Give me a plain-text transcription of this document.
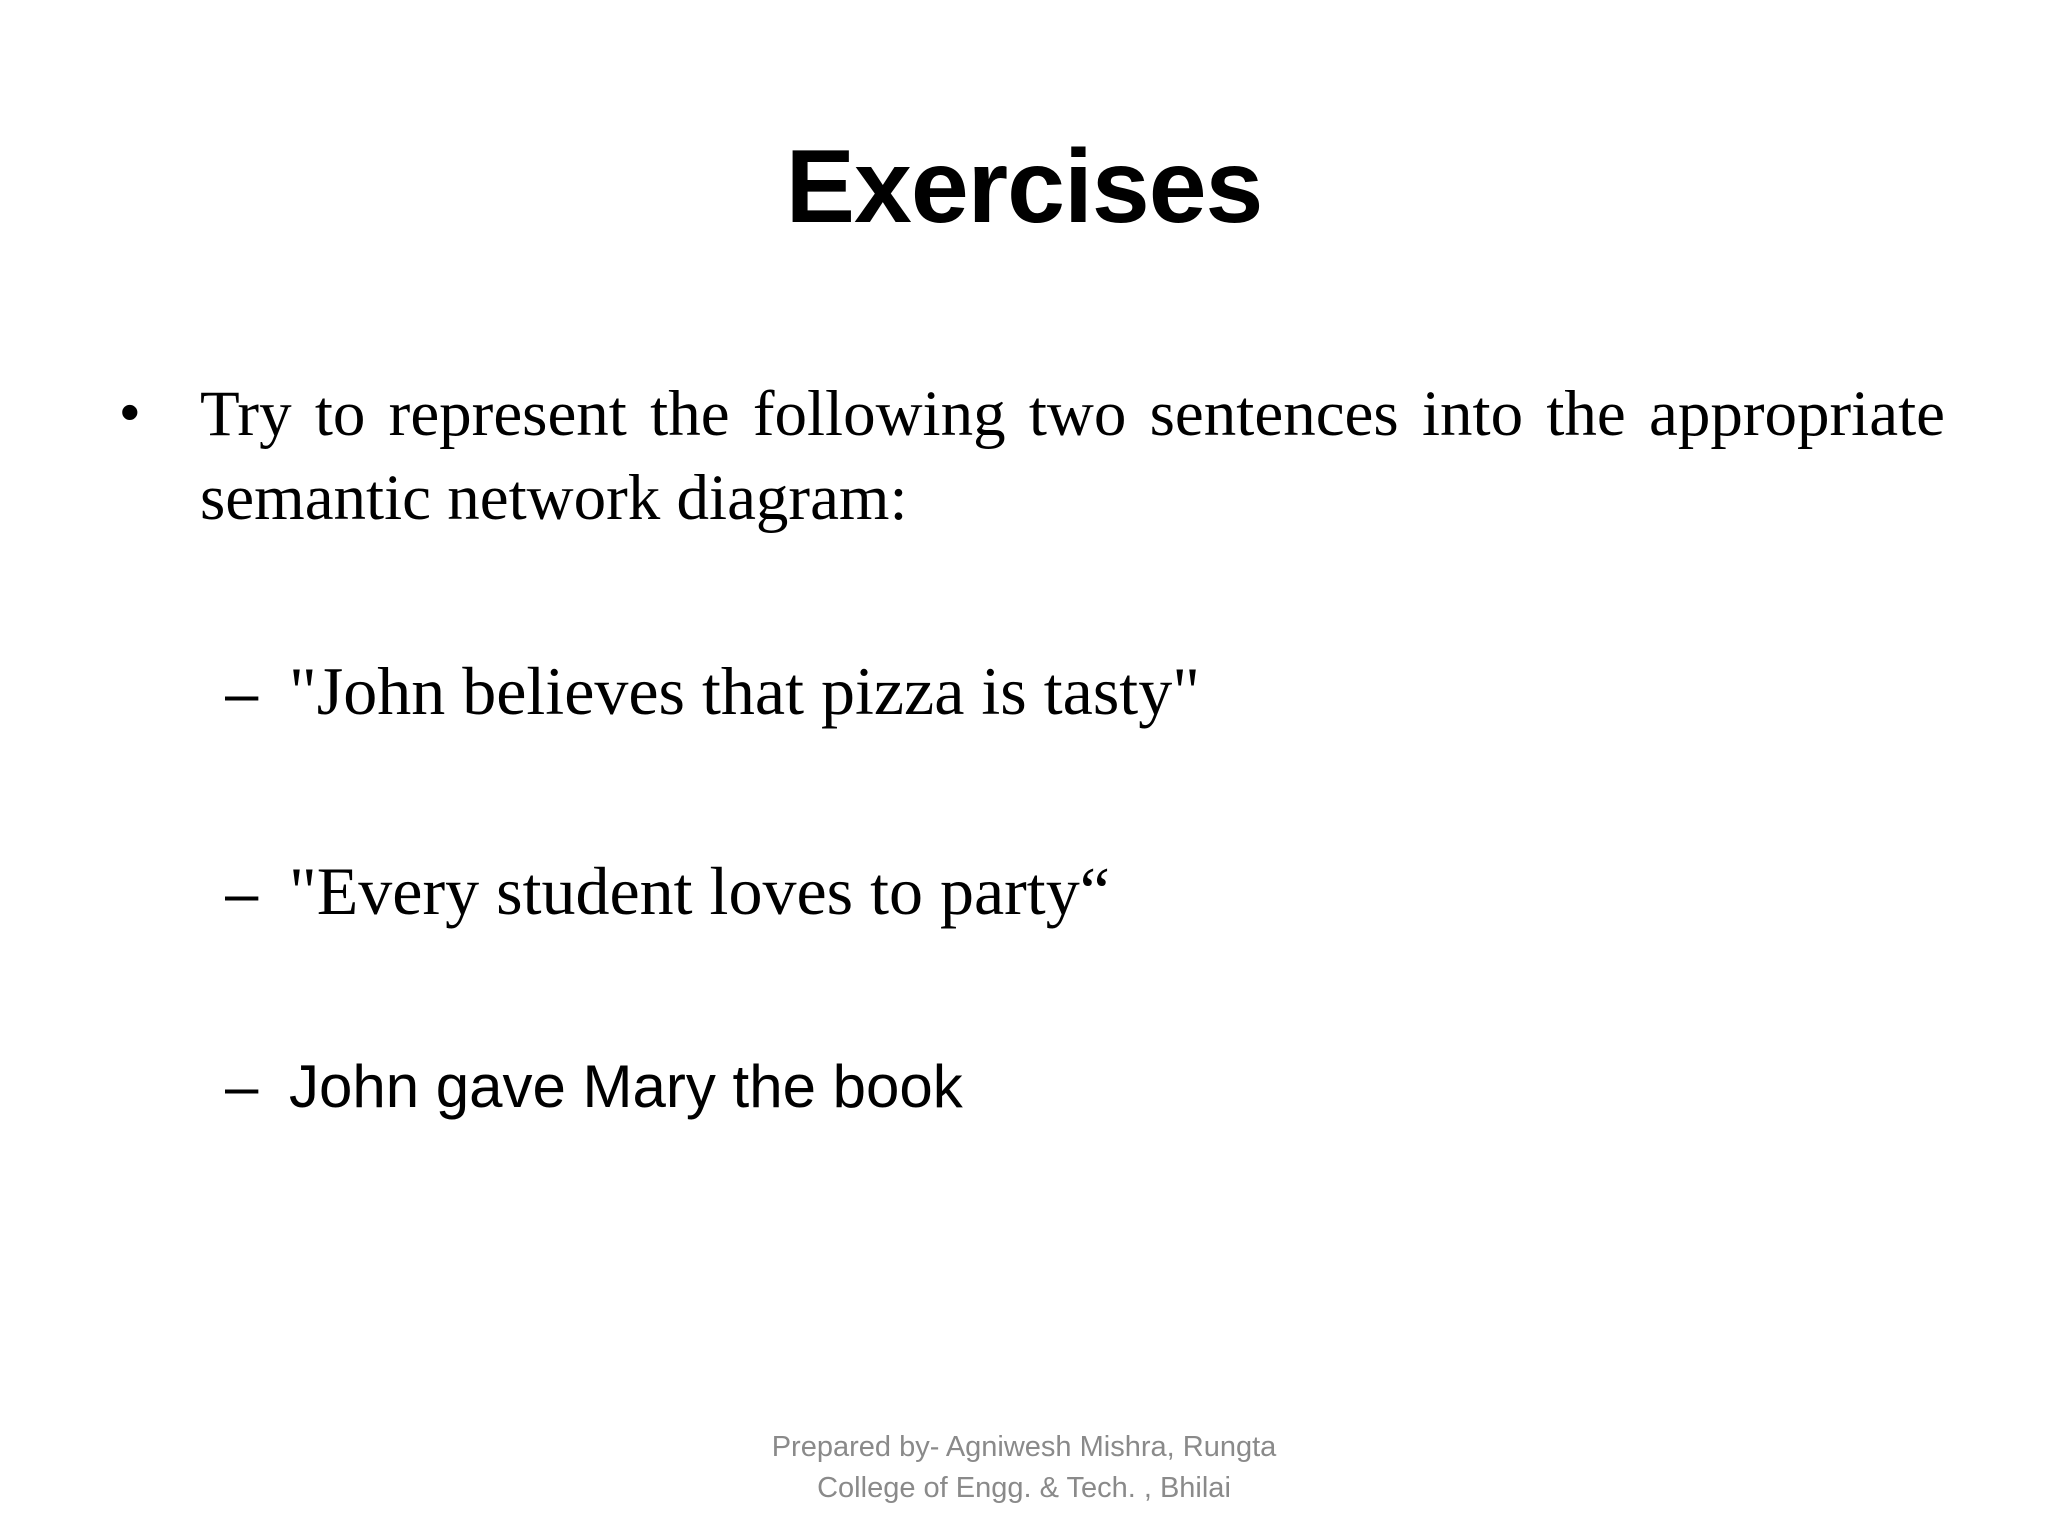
Exercises
• Try to represent the following two sentences into the appropriate semantic network diagram:
– "John believes that pizza is tasty"
– "Every student loves to party“
– John gave Mary the book
Prepared by- Agniwesh Mishra, Rungta
College of Engg. & Tech. , Bhilai
